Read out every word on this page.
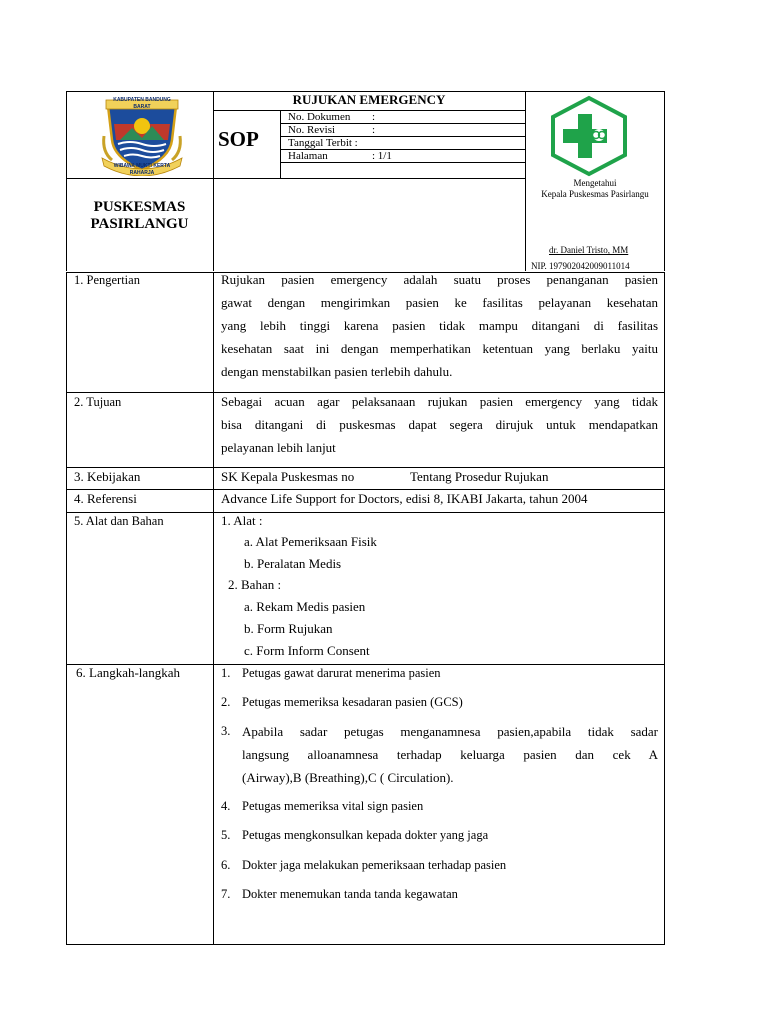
KABUPATEN BANDUNG BARAT
WIBAWA MUKTI KERTA RAHARJA
RUJUKAN EMERGENCY
SOP
No. Dokumen :
No. Revisi	:
Tanggal Terbit :
Halaman	: 1/1
PUSKESMAS
PASIRLANGU
Mengetahui
Kepala Puskesmas Pasirlangu
dr. Daniel Tristo, MM
NIP. 197902042009011014
1. Pengertian	Rujukan pasien emergency adalah suatu proses penanganan pasien
gawat dengan mengirimkan pasien ke fasilitas pelayanan kesehatan
yang lebih tinggi karena pasien tidak mampu ditangani di fasilitas
kesehatan saat ini dengan memperhatikan ketentuan yang berlaku yaitu
dengan menstabilkan pasien terlebih dahulu.
2. Tujuan	Sebagai acuan agar pelaksanaan rujukan pasien emergency yang tidak
bisa ditangani di puskesmas dapat segera dirujuk untuk mendapatkan
pelayanan lebih lanjut
3. Kebijakan	SK Kepala Puskesmas no	Tentang Prosedur Rujukan
4. Referensi	Advance Life Support for Doctors, edisi 8, IKABI Jakarta, tahun 2004
5. Alat dan Bahan	1. Alat :
a. Alat Pemeriksaan Fisik
b. Peralatan Medis
2. Bahan :
a. Rekam Medis pasien
b. Form Rujukan
c. Form Inform Consent
6. Langkah-langkah	1. Petugas gawat darurat menerima pasien
2. Petugas memeriksa kesadaran pasien (GCS)
3. Apabila sadar petugas menganamnesa pasien,apabila tidak sadar
langsung alloanamnesa terhadap keluarga pasien dan cek A
(Airway),B (Breathing),C ( Circulation).
4. Petugas memeriksa vital sign pasien
5. Petugas mengkonsulkan kepada dokter yang jaga
6. Dokter jaga melakukan pemeriksaan terhadap pasien
7. Dokter menemukan tanda tanda kegawatan
